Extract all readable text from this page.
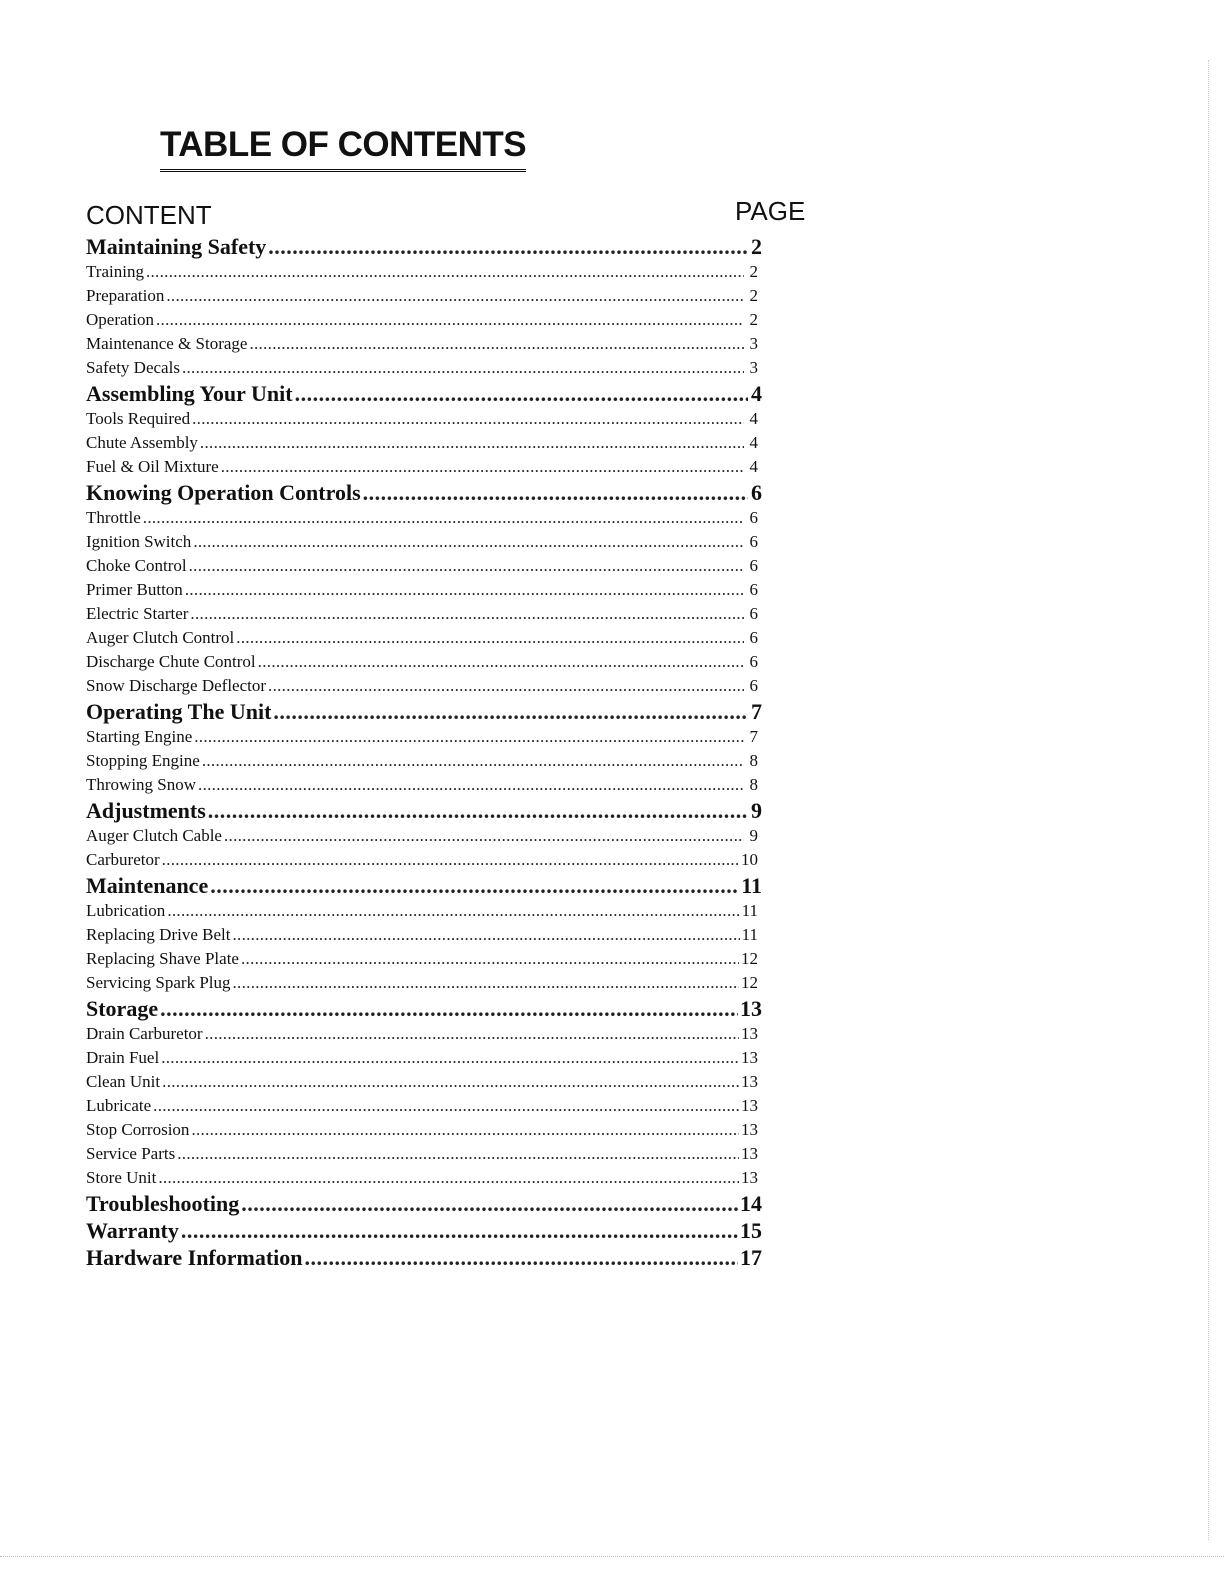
TABLE OF CONTENTS
CONTENT	PAGE
Maintaining Safety .....	2
Training .....	2
Preparation .....	2
Operation .....	2
Maintenance & Storage .....	3
Safety Decals .....	3
Assembling Your Unit .....	4
Tools Required .....	4
Chute Assembly .....	4
Fuel & Oil Mixture .....	4
Knowing Operation Controls .....	6
Throttle .....	6
Ignition Switch .....	6
Choke Control .....	6
Primer Button .....	6
Electric Starter .....	6
Auger Clutch Control .....	6
Discharge Chute Control .....	6
Snow Discharge Deflector .....	6
Operating The Unit .....	7
Starting Engine .....	7
Stopping Engine .....	8
Throwing Snow .....	8
Adjustments .....	9
Auger Clutch Cable .....	9
Carburetor .....	10
Maintenance .....	11
Lubrication .....	11
Replacing Drive Belt .....	11
Replacing Shave Plate .....	12
Servicing Spark Plug .....	12
Storage .....	13
Drain Carburetor .....	13
Drain Fuel .....	13
Clean Unit .....	13
Lubricate .....	13
Stop Corrosion .....	13
Service Parts .....	13
Store Unit .....	13
Troubleshooting .....	14
Warranty .....	15
Hardware Information .....	17
